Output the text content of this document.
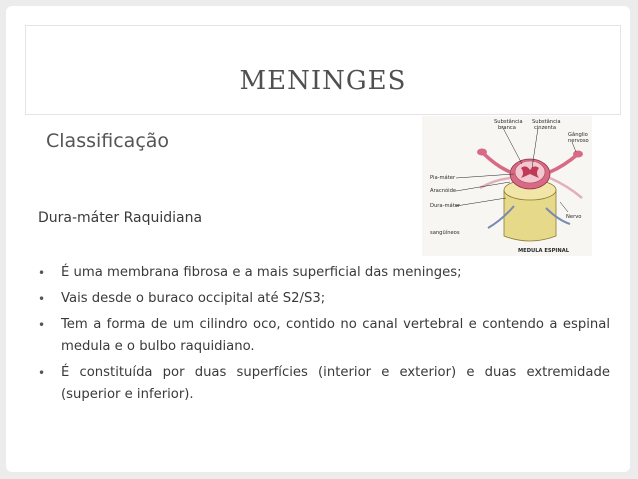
MENINGES
Classificação
Dura-máter Raquidiana
Substância
branca
Substância
cinzenta
Gânglio
nervoso
Pia-máter
Aracnóide
Dura-máter
sangüíneos
Nervo
MEDULA ESPINAL
• É uma membrana fibrosa e a mais superficial das meninges;
• Vais desde o buraco occipital até S2/S3;
• Tem a forma de um cilindro oco, contido no canal vertebral e contendo a espinal medula e o bulbo raquidiano.
• É constituída por duas superfícies (interior e exterior) e duas extremidade (superior e inferior).
